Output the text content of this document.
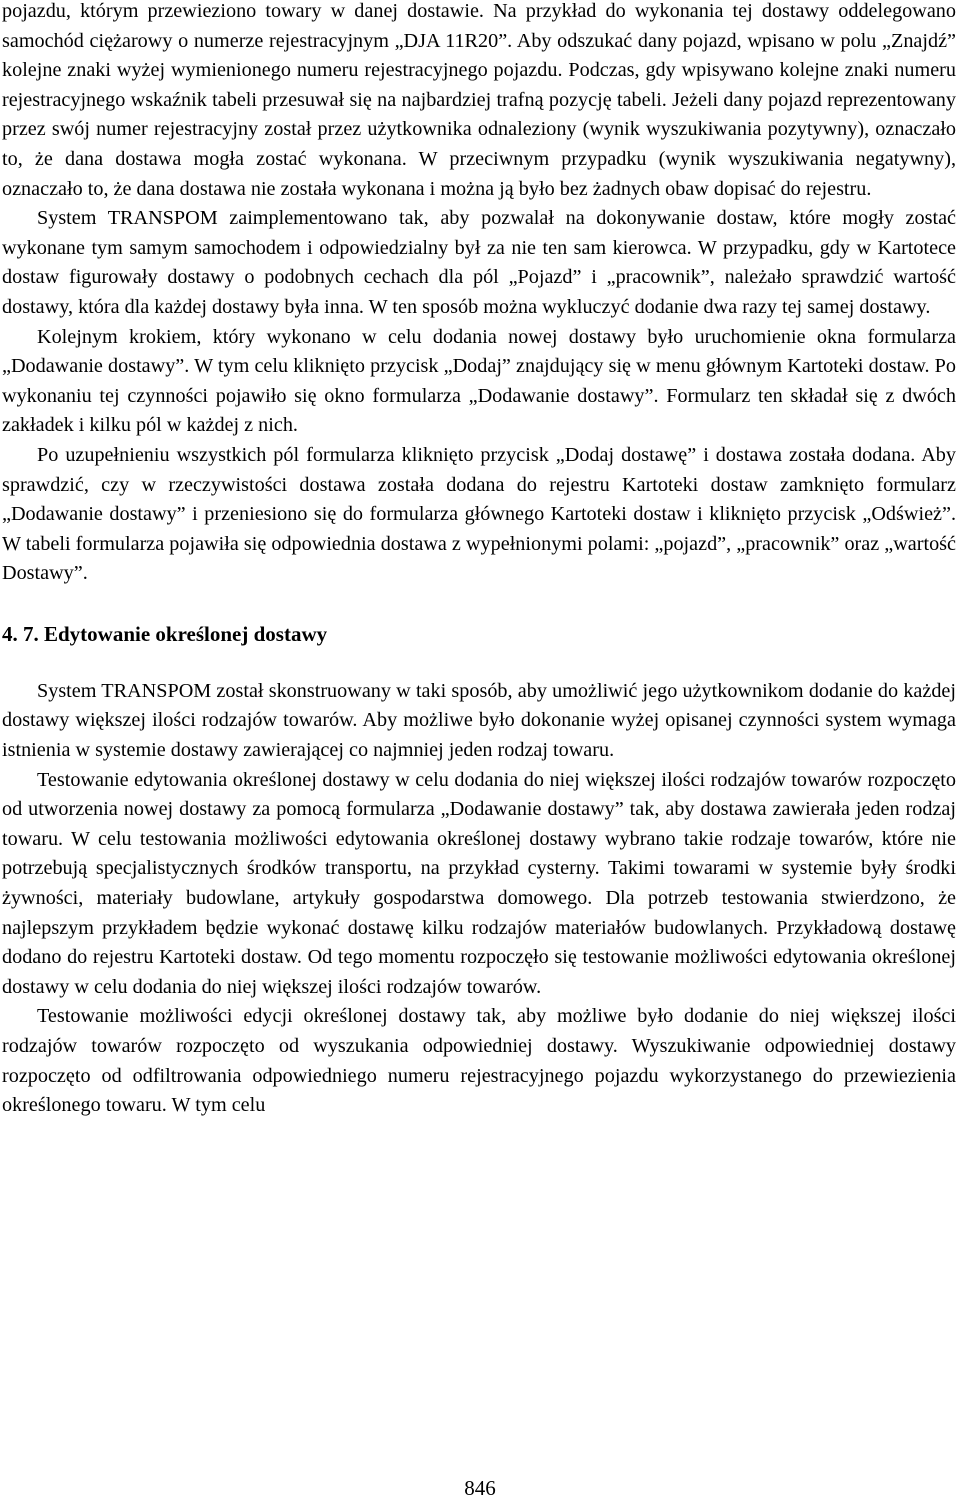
pojazdu, którym przewieziono towary w danej dostawie. Na przykład do wykonania tej dostawy oddelegowano samochód ciężarowy o numerze rejestracyjnym „DJA 11R20”. Aby odszukać dany pojazd, wpisano w polu „Znajdź” kolejne znaki wyżej wymienionego numeru rejestracyjnego pojazdu. Podczas, gdy wpisywano kolejne znaki numeru rejestracyjnego wskaźnik tabeli przesuwał się na najbardziej trafną pozycję tabeli. Jeżeli dany pojazd reprezentowany przez swój numer rejestracyjny został przez użytkownika odnaleziony (wynik wyszukiwania pozytywny), oznaczało to, że dana dostawa mogła zostać wykonana. W przeciwnym przypadku (wynik wyszukiwania negatywny), oznaczało to, że dana dostawa nie została wykonana i można ją było bez żadnych obaw dopisać do rejestru.

System TRANSPOM zaimplementowano tak, aby pozwalał na dokonywanie dostaw, które mogły zostać wykonane tym samym samochodem i odpowiedzialny był za nie ten sam kierowca. W przypadku, gdy w Kartotece dostaw figurowały dostawy o podobnych cechach dla pól „Pojazd” i „pracownik”, należało sprawdzić wartość dostawy, która dla każdej dostawy była inna. W ten sposób można wykluczyć dodanie dwa razy tej samej dostawy.

Kolejnym krokiem, który wykonano w celu dodania nowej dostawy było uruchomienie okna formularza „Dodawanie dostawy”. W tym celu kliknięto przycisk „Dodaj” znajdujący się w menu głównym Kartoteki dostaw. Po wykonaniu tej czynności pojawiło się okno formularza „Dodawanie dostawy”. Formularz ten składał się z dwóch zakładek i kilku pól w każdej z nich.

Po uzupełnieniu wszystkich pól formularza kliknięto przycisk „Dodaj dostawę” i dostawa została dodana. Aby sprawdzić, czy w rzeczywistości dostawa została dodana do rejestru Kartoteki dostaw zamknięto formularz „Dodawanie dostawy” i przeniesiono się do formularza głównego Kartoteki dostaw i kliknięto przycisk „Odśwież”. W tabeli formularza pojawiła się odpowiednia dostawa z wypełnionymi polami: „pojazd”, „pracownik” oraz „wartość Dostawy”.

4. 7. Edytowanie określonej dostawy

System TRANSPOM został skonstruowany w taki sposób, aby umożliwić jego użytkownikom dodanie do każdej dostawy większej ilości rodzajów towarów. Aby możliwe było dokonanie wyżej opisanej czynności system wymaga istnienia w systemie dostawy zawierającej co najmniej jeden rodzaj towaru.

Testowanie edytowania określonej dostawy w celu dodania do niej większej ilości rodzajów towarów rozpoczęto od utworzenia nowej dostawy za pomocą formularza „Dodawanie dostawy” tak, aby dostawa zawierała jeden rodzaj towaru. W celu testowania możliwości edytowania określonej dostawy wybrano takie rodzaje towarów, które nie potrzebują specjalistycznych środków transportu, na przykład cysterny. Takimi towarami w systemie były środki żywności, materiały budowlane, artykuły gospodarstwa domowego. Dla potrzeb testowania stwierdzono, że najlepszym przykładem będzie wykonać dostawę kilku rodzajów materiałów budowlanych. Przykładową dostawę dodano do rejestru Kartoteki dostaw. Od tego momentu rozpoczęło się testowanie możliwości edytowania określonej dostawy w celu dodania do niej większej ilości rodzajów towarów.

Testowanie możliwości edycji określonej dostawy tak, aby możliwe było dodanie do niej większej ilości rodzajów towarów rozpoczęto od wyszukania odpowiedniej dostawy. Wyszukiwanie odpowiedniej dostawy rozpoczęto od odfiltrowania odpowiedniego numeru rejestracyjnego pojazdu wykorzystanego do przewiezienia określonego towaru. W tym celu

846
